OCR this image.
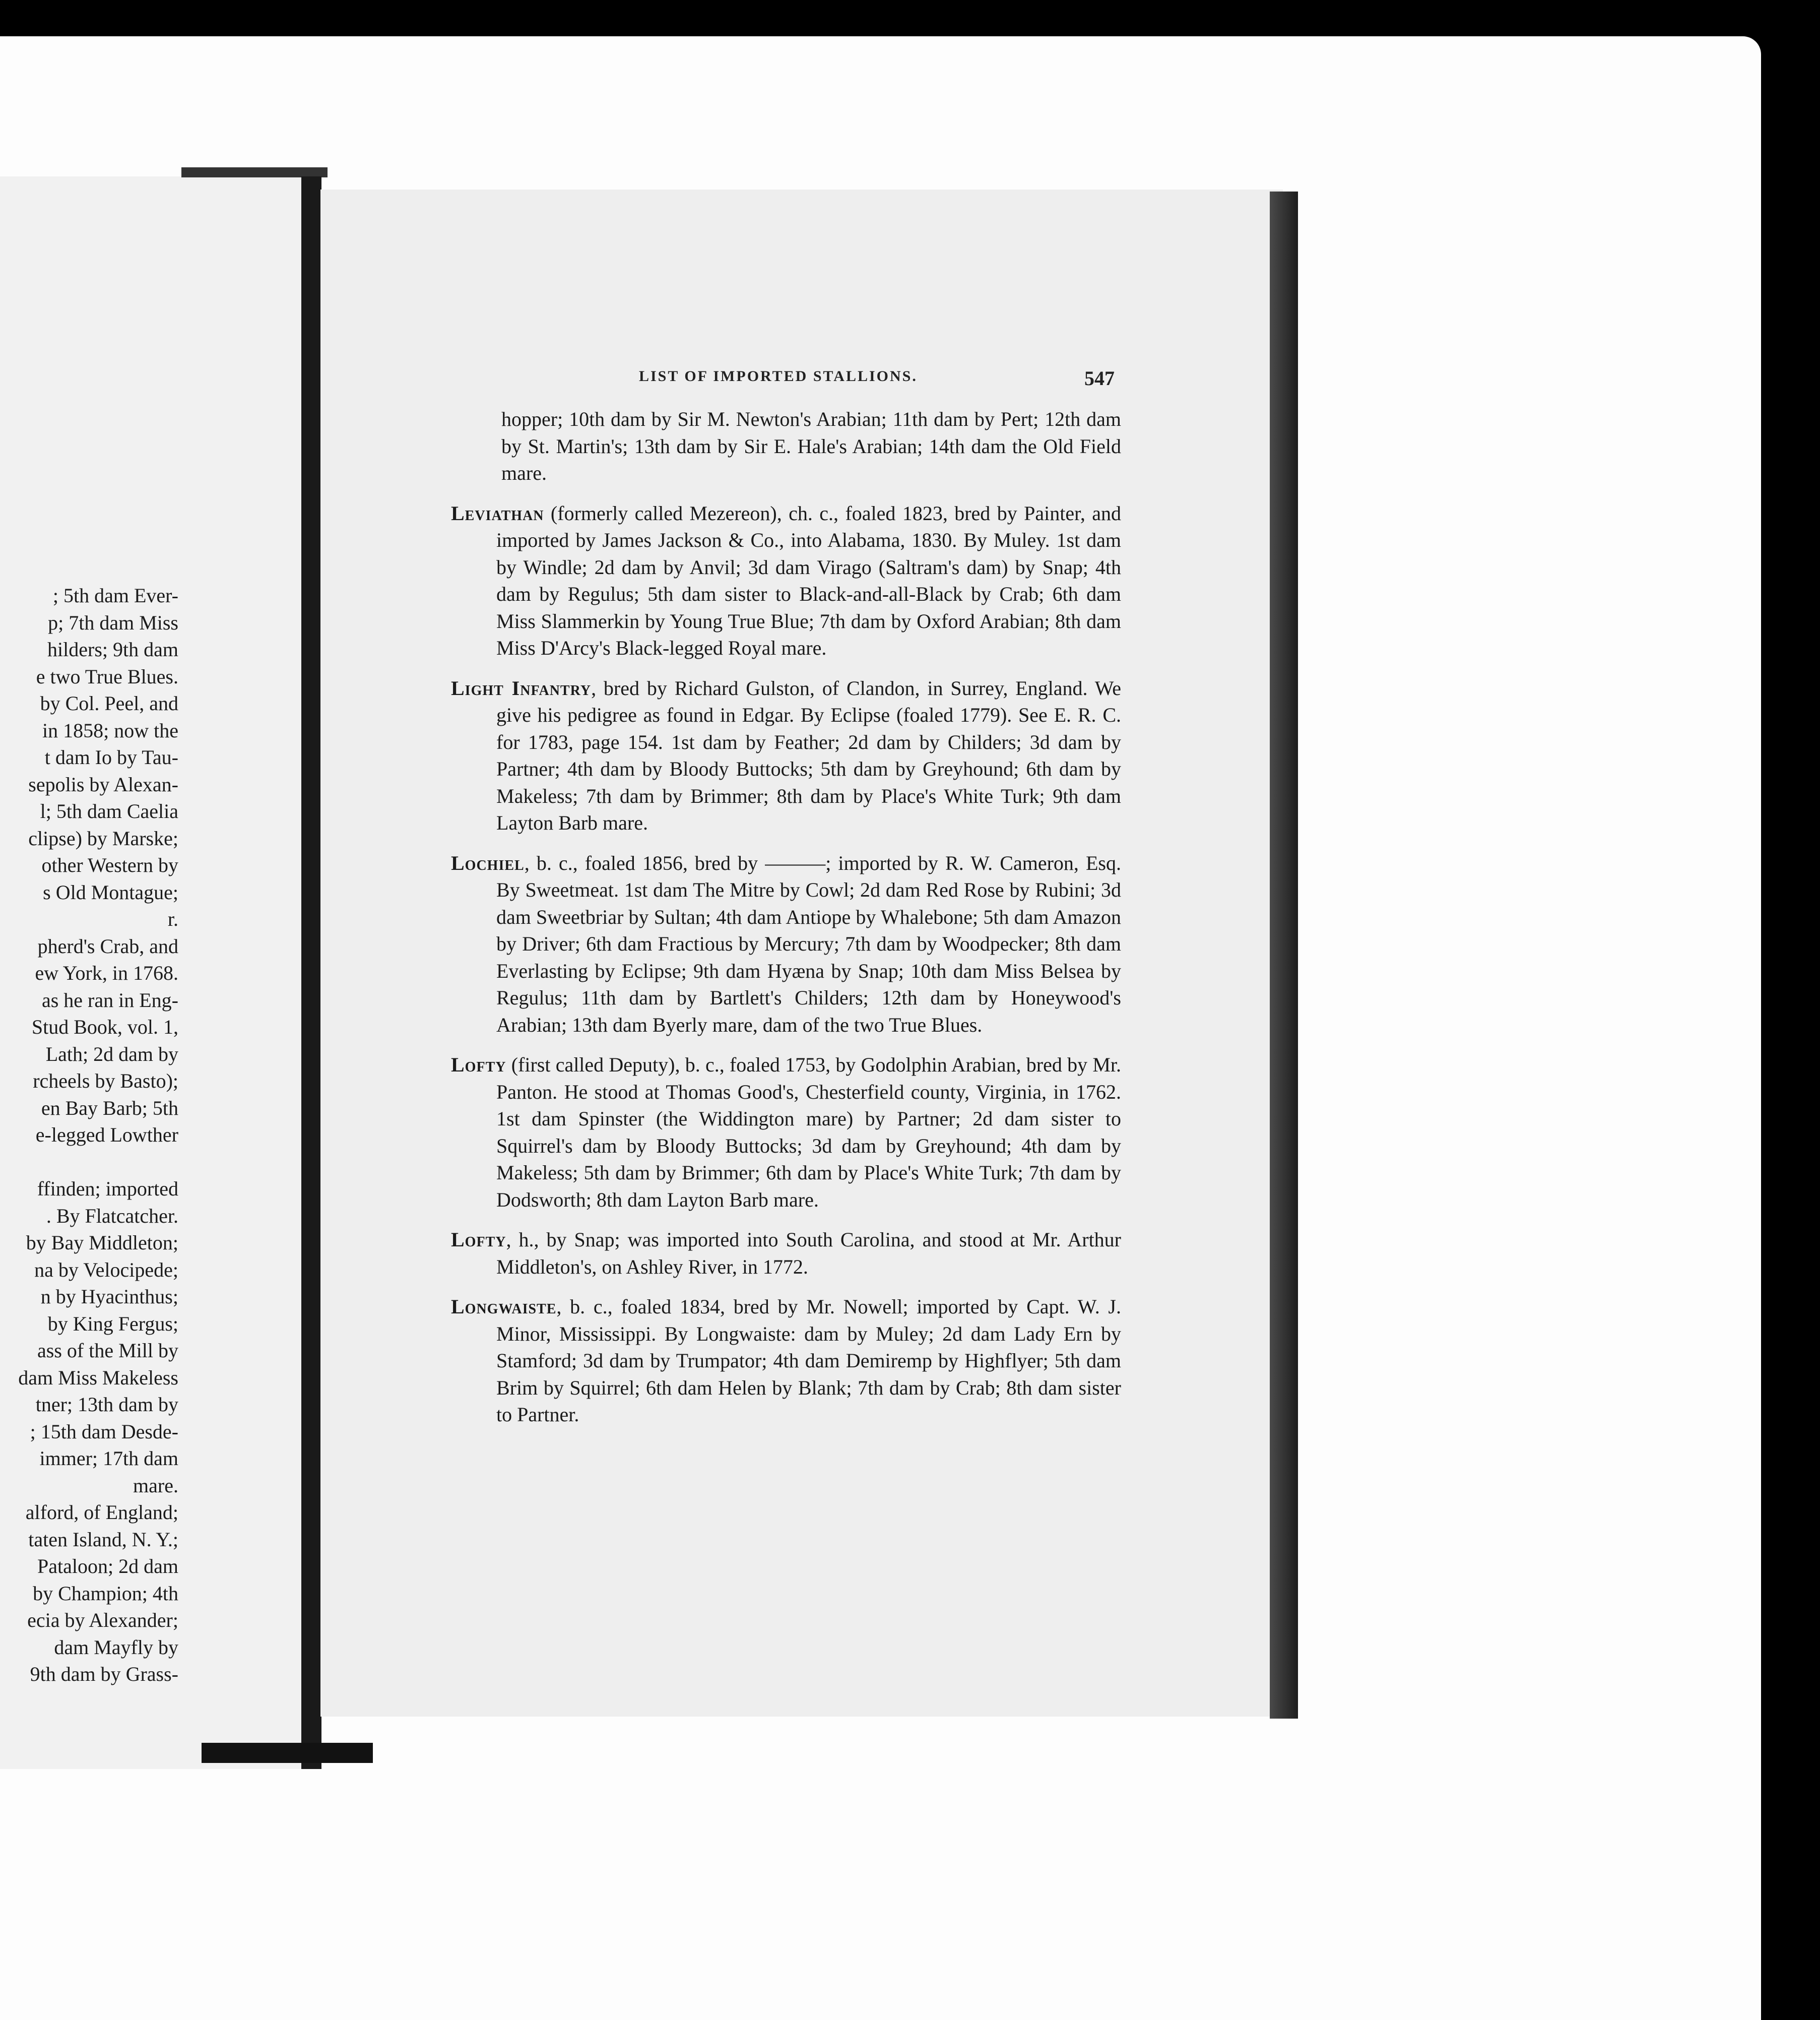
; 5th dam Ever-
p; 7th dam Miss
hilders; 9th dam
e two True Blues.
by Col. Peel, and
in 1858; now the
t dam Io by Tau-
sepolis by Alexan-
l; 5th dam Caelia
clipse) by Marske;
other Western by
s Old Montague;
r.
pherd's Crab, and
ew York, in 1768.
as he ran in Eng-
Stud Book, vol. 1,
Lath; 2d dam by
rcheels by Basto);
en Bay Barb; 5th
e-legged Lowther

ffinden; imported
. By Flatcatcher.
by Bay Middleton;
na by Velocipede;
n by Hyacinthus;
by King Fergus;
ass of the Mill by
dam Miss Makeless
tner; 13th dam by
; 15th dam Desde-
immer; 17th dam
mare.
alford, of England;
taten Island, N. Y.;
Pataloon; 2d dam
by Champion; 4th
ecia by Alexander;
dam Mayfly by
9th dam by Grass-
LIST OF IMPORTED STALLIONS.	547

hopper; 10th dam by Sir M. Newton's Arabian; 11th dam by Pert; 12th dam by St. Martin's; 13th dam by Sir E. Hale's Arabian; 14th dam the Old Field mare.

Leviathan (formerly called Mezereon), ch. c., foaled 1823, bred by Painter, and imported by James Jackson & Co., into Alabama, 1830. By Muley. 1st dam by Windle; 2d dam by Anvil; 3d dam Virago (Saltram's dam) by Snap; 4th dam by Regulus; 5th dam sister to Black-and-all-Black by Crab; 6th dam Miss Slammerkin by Young True Blue; 7th dam by Oxford Arabian; 8th dam Miss D'Arcy's Black-legged Royal mare.

Light Infantry, bred by Richard Gulston, of Clandon, in Surrey, England. We give his pedigree as found in Edgar. By Eclipse (foaled 1779). See E. R. C. for 1783, page 154. 1st dam by Feather; 2d dam by Childers; 3d dam by Partner; 4th dam by Bloody Buttocks; 5th dam by Greyhound; 6th dam by Makeless; 7th dam by Brimmer; 8th dam by Place's White Turk; 9th dam Layton Barb mare.

Lochiel, b. c., foaled 1856, bred by ———; imported by R. W. Cameron, Esq. By Sweetmeat. 1st dam The Mitre by Cowl; 2d dam Red Rose by Rubini; 3d dam Sweetbriar by Sultan; 4th dam Antiope by Whalebone; 5th dam Amazon by Driver; 6th dam Fractious by Mercury; 7th dam by Woodpecker; 8th dam Everlasting by Eclipse; 9th dam Hyæna by Snap; 10th dam Miss Belsea by Regulus; 11th dam by Bartlett's Childers; 12th dam by Honeywood's Arabian; 13th dam Byerly mare, dam of the two True Blues.

Lofty (first called Deputy), b. c., foaled 1753, by Godolphin Arabian, bred by Mr. Panton. He stood at Thomas Good's, Chesterfield county, Virginia, in 1762. 1st dam Spinster (the Widdington mare) by Partner; 2d dam sister to Squirrel's dam by Bloody Buttocks; 3d dam by Greyhound; 4th dam by Makeless; 5th dam by Brimmer; 6th dam by Place's White Turk; 7th dam by Dodsworth; 8th dam Layton Barb mare.

Lofty, h., by Snap; was imported into South Carolina, and stood at Mr. Arthur Middleton's, on Ashley River, in 1772.

Longwaiste, b. c., foaled 1834, bred by Mr. Nowell; imported by Capt. W. J. Minor, Mississippi. By Longwaiste: dam by Muley; 2d dam Lady Ern by Stamford; 3d dam by Trumpator; 4th dam Demiremp by Highflyer; 5th dam Brim by Squirrel; 6th dam Helen by Blank; 7th dam by Crab; 8th dam sister to Partner.
